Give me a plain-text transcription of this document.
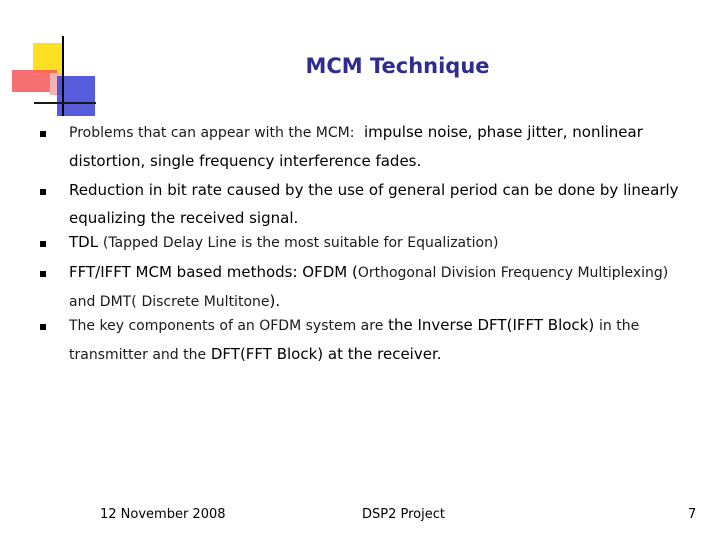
MCM Technique
Problems that can appear with the MCM: impulse noise, phase jitter, nonlinear distortion, single frequency interference fades.
Reduction in bit rate caused by the use of general period can be done by linearly equalizing the received signal.
TDL (Tapped Delay Line is the most suitable for Equalization)
FFT/IFFT MCM based methods: OFDM (Orthogonal Division Frequency Multiplexing) and DMT( Discrete Multitone).
The key components of an OFDM system are the Inverse DFT(IFFT Block) in the transmitter and the DFT(FFT Block) at the receiver.
12 November 2008	DSP2 Project	7
